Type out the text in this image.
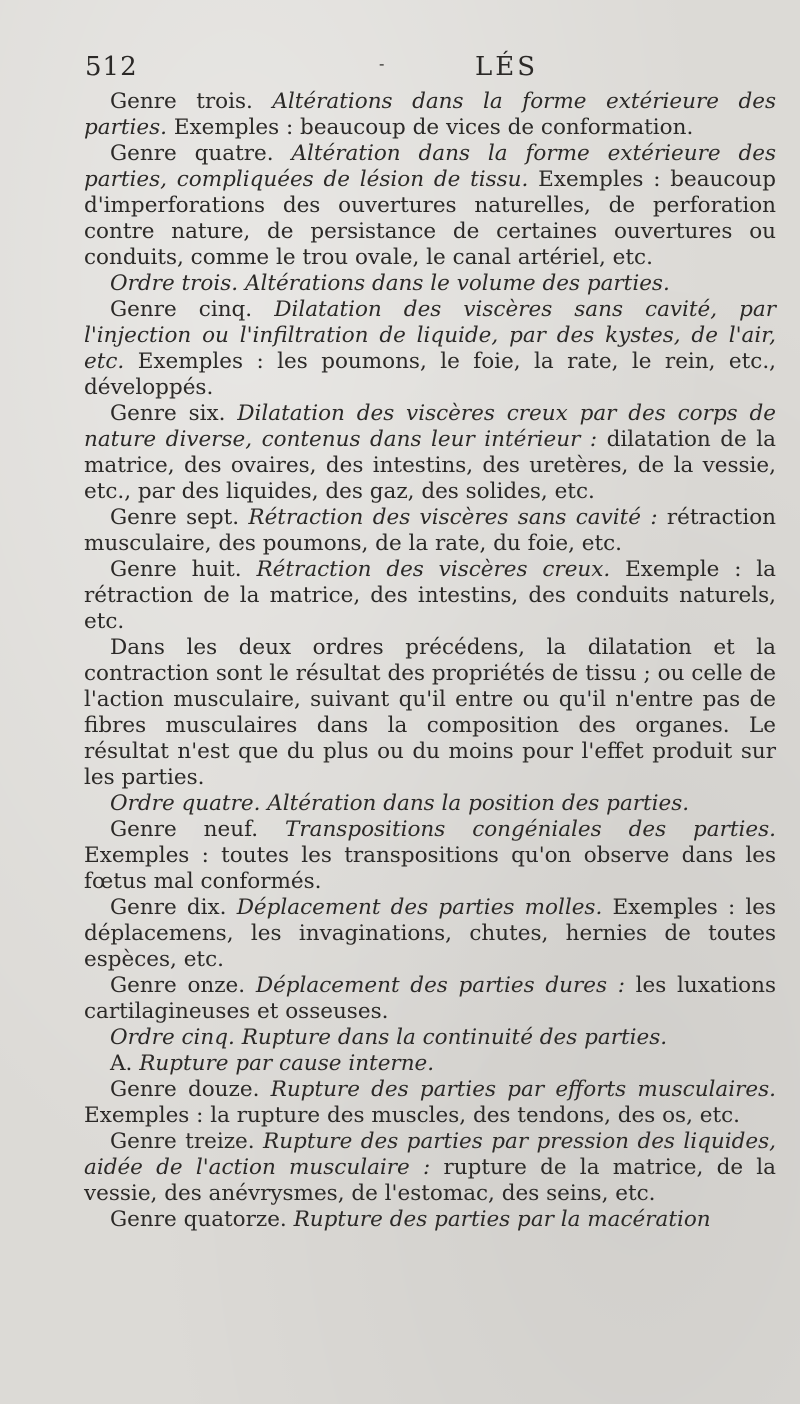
512	-	LÉS

Genre trois. Altérations dans la forme extérieure des parties. Exemples : beaucoup de vices de conformation.

Genre quatre. Altération dans la forme extérieure des parties, compliquées de lésion de tissu. Exemples : beaucoup d'imperforations des ouvertures naturelles, de perforation contre nature, de persistance de certaines ouvertures ou conduits, comme le trou ovale, le canal artériel, etc.

Ordre trois. Altérations dans le volume des parties.

Genre cinq. Dilatation des viscères sans cavité, par l'injection ou l'infiltration de liquide, par des kystes, de l'air, etc. Exemples : les poumons, le foie, la rate, le rein, etc., développés.

Genre six. Dilatation des viscères creux par des corps de nature diverse, contenus dans leur intérieur : dilatation de la matrice, des ovaires, des intestins, des uretères, de la vessie, etc., par des liquides, des gaz, des solides, etc.

Genre sept. Rétraction des viscères sans cavité : rétraction musculaire, des poumons, de la rate, du foie, etc.

Genre huit. Rétraction des viscères creux. Exemple : la rétraction de la matrice, des intestins, des conduits naturels, etc.

Dans les deux ordres précédens, la dilatation et la contraction sont le résultat des propriétés de tissu ; ou celle de l'action musculaire, suivant qu'il entre ou qu'il n'entre pas de fibres musculaires dans la composition des organes. Le résultat n'est que du plus ou du moins pour l'effet produit sur les parties.

Ordre quatre. Altération dans la position des parties.

Genre neuf. Transpositions congéniales des parties. Exemples : toutes les transpositions qu'on observe dans les fœtus mal conformés.

Genre dix. Déplacement des parties molles. Exemples : les déplacemens, les invaginations, chutes, hernies de toutes espèces, etc.

Genre onze. Déplacement des parties dures : les luxations cartilagineuses et osseuses.

Ordre cinq. Rupture dans la continuité des parties.

A. Rupture par cause interne.

Genre douze. Rupture des parties par efforts musculaires. Exemples : la rupture des muscles, des tendons, des os, etc.

Genre treize. Rupture des parties par pression des liquides, aidée de l'action musculaire : rupture de la matrice, de la vessie, des anévrysmes, de l'estomac, des seins, etc.

Genre quatorze. Rupture des parties par la macération
